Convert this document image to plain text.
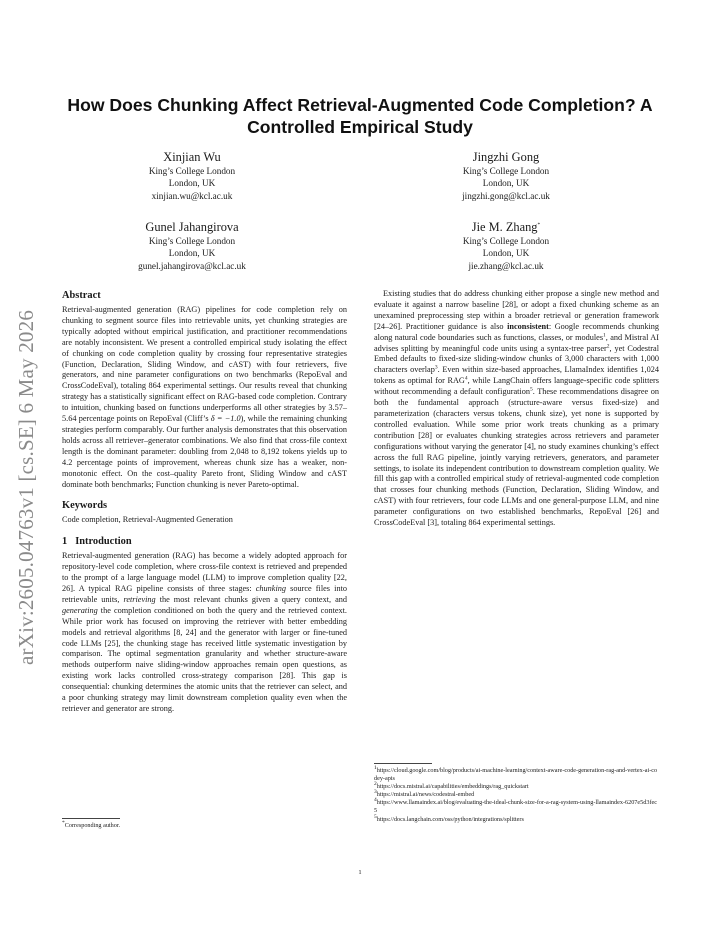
arXiv:2605.04763v1 [cs.SE] 6 May 2026
How Does Chunking Affect Retrieval-Augmented Code Completion? A Controlled Empirical Study
Xinjian Wu
King’s College London
London, UK
xinjian.wu@kcl.ac.uk
Jingzhi Gong
King’s College London
London, UK
jingzhi.gong@kcl.ac.uk
Gunel Jahangirova
King’s College London
London, UK
gunel.jahangirova@kcl.ac.uk
Jie M. Zhang*
King’s College London
London, UK
jie.zhang@kcl.ac.uk
Abstract

Retrieval-augmented generation (RAG) pipelines for code completion rely on chunking to segment source files into retrievable units, yet chunking strategies are typically adopted without empirical justification, and practitioner recommendations are notably inconsistent. We present a controlled empirical study isolating the effect of chunking on code completion quality by crossing four representative strategies (Function, Declaration, Sliding Window, and cAST) with four retrievers, five generators, and nine parameter configurations on two benchmarks (RepoEval and CrossCodeEval), totaling 864 experimental settings. Our results reveal that chunking strategy has a statistically significant effect on RAG-based code completion. Contrary to intuition, chunking based on functions underperforms all other strategies by 3.57–5.64 percentage points on RepoEval (Cliff’s δ = −1.0), while the remaining chunking strategies perform comparably. Our further analysis demonstrates that this observation holds across all retriever–generator combinations. We also find that cross-file context length is the dominant parameter: doubling from 2,048 to 8,192 tokens yields up to 4.2 percentage points of improvement, whereas chunk size has a weaker, non-monotonic effect. On the cost–quality Pareto front, Sliding Window and cAST dominate both benchmarks; Function chunking is never Pareto-optimal.

Keywords

Code completion, Retrieval-Augmented Generation

1 Introduction

Retrieval-augmented generation (RAG) has become a widely adopted approach for repository-level code completion, where cross-file context is retrieved and prepended to the prompt of a large language model (LLM) to improve completion quality [22, 26]. A typical RAG pipeline consists of three stages: chunking source files into retrievable units, retrieving the most relevant chunks given a query context, and generating the completion conditioned on both the query and the retrieved context. While prior work has focused on improving the retriever with better embedding models and retrieval algorithms [8, 24] and the generator with larger or fine-tuned code LLMs [25], the chunking stage has received little systematic investigation by comparison. The optimal segmentation granularity and whether structure-aware methods outperform naive sliding-window approaches remain open questions, as existing work lacks controlled cross-strategy comparison [28]. This gap is consequential: chunking determines the atomic units that the retriever can select, and a poor chunking strategy may limit downstream completion quality even when the retriever and generator are strong.

Existing studies that do address chunking either propose a single new method and evaluate it against a narrow baseline [28], or adopt a fixed chunking scheme as an unexamined preprocessing step within a broader retrieval or generation framework [24–26]. Practitioner guidance is also inconsistent: Google recommends chunking along natural code boundaries such as functions, classes, or modules$^1$, and Mistral AI advises splitting by meaningful code units using a syntax-tree parser$^2$, yet Codestral Embed defaults to fixed-size sliding-window chunks of 3,000 characters with 1,000 characters overlap$^3$. Even within size-based approaches, LlamaIndex identifies 1,024 tokens as optimal for RAG$^4$, while LangChain offers language-specific code splitters without recommending a default configuration$^5$. These recommendations disagree on both the fundamental approach (structure-aware versus fixed-size) and parameterization (characters versus tokens, chunk size), yet none is supported by controlled evaluation. While some prior work treats chunking as a primary contribution [28] or evaluates chunking strategies across retrievers and parameter configurations without varying the generator [4], no study examines chunking’s effect across the full RAG pipeline, jointly varying retrievers, generators, and parameter settings, to isolate its independent contribution to downstream completion quality. We fill this gap with a controlled empirical study of retrieval-augmented code completion that crosses four chunking methods (Function, Declaration, Sliding Window, and cAST) with four retrievers, four code LLMs and one general-purpose LLM, and nine parameter configurations on two established benchmarks, RepoEval [26] and CrossCodeEval [3], totaling 864 experimental settings.

*Corresponding author.

$^1$https://cloud.google.com/blog/products/ai-machine-learning/context-aware-code-generation-rag-and-vertex-ai-codey-apis

$^2$https://docs.mistral.ai/capabilities/embeddings/rag_quickstart

$^3$https://mistral.ai/news/codestral-embed

$^4$https://www.llamaindex.ai/blog/evaluating-the-ideal-chunk-size-for-a-rag-system-using-llamaindex-6207e5d3fec5

$^5$https://docs.langchain.com/oss/python/integrations/splitters

1
